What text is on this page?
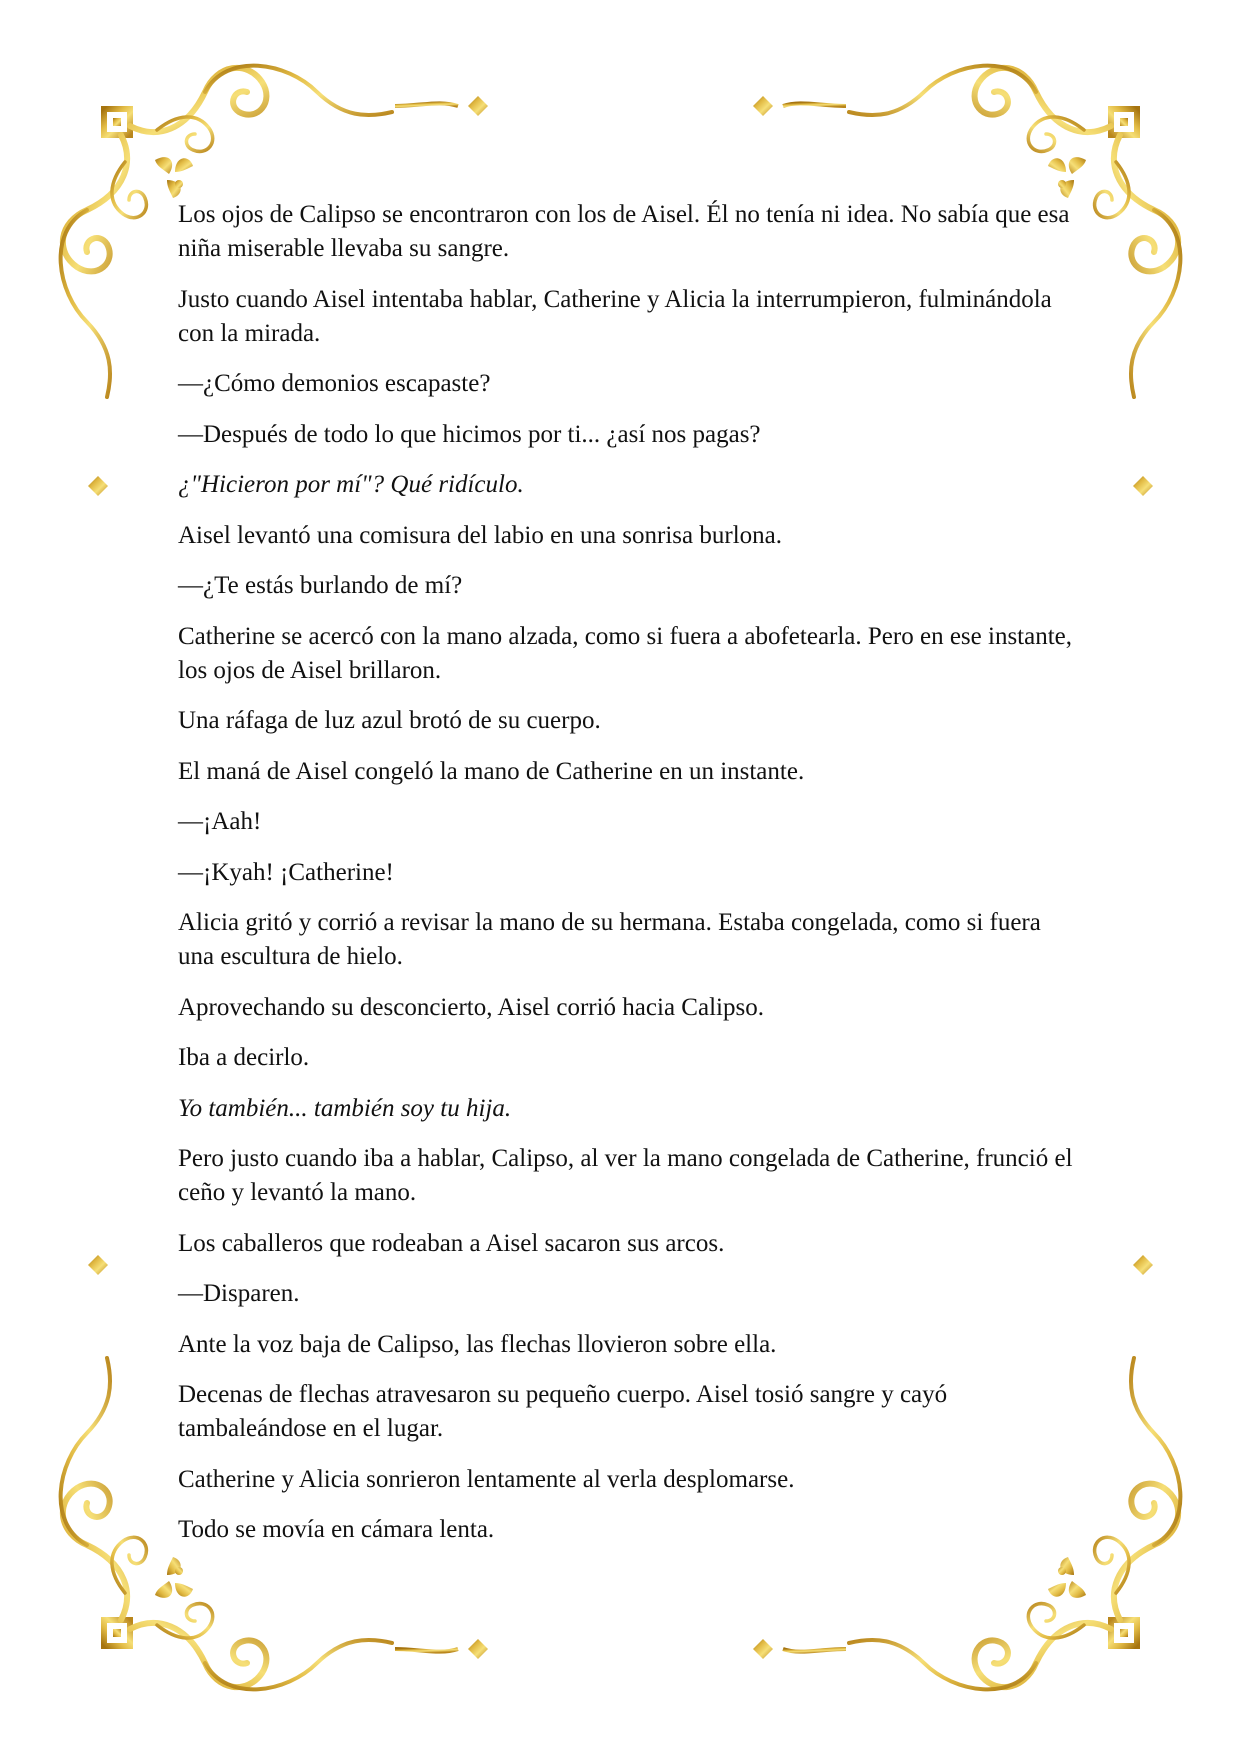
Los ojos de Calipso se encontraron con los de Aisel. Él no tenía ni idea. No sabía que esa niña miserable llevaba su sangre.

Justo cuando Aisel intentaba hablar, Catherine y Alicia la interrumpieron, fulminándola con la mirada.

—¿Cómo demonios escapaste?

—Después de todo lo que hicimos por ti... ¿así nos pagas?

¿"Hicieron por mí"? Qué ridículo.

Aisel levantó una comisura del labio en una sonrisa burlona.

—¿Te estás burlando de mí?

Catherine se acercó con la mano alzada, como si fuera a abofetearla. Pero en ese instante, los ojos de Aisel brillaron.

Una ráfaga de luz azul brotó de su cuerpo.

El maná de Aisel congeló la mano de Catherine en un instante.

—¡Aah!

—¡Kyah! ¡Catherine!

Alicia gritó y corrió a revisar la mano de su hermana. Estaba congelada, como si fuera una escultura de hielo.

Aprovechando su desconcierto, Aisel corrió hacia Calipso.

Iba a decirlo.

Yo también... también soy tu hija.

Pero justo cuando iba a hablar, Calipso, al ver la mano congelada de Catherine, frunció el ceño y levantó la mano.

Los caballeros que rodeaban a Aisel sacaron sus arcos.

—Disparen.

Ante la voz baja de Calipso, las flechas llovieron sobre ella.

Decenas de flechas atravesaron su pequeño cuerpo. Aisel tosió sangre y cayó tambaleándose en el lugar.

Catherine y Alicia sonrieron lentamente al verla desplomarse.

Todo se movía en cámara lenta.
